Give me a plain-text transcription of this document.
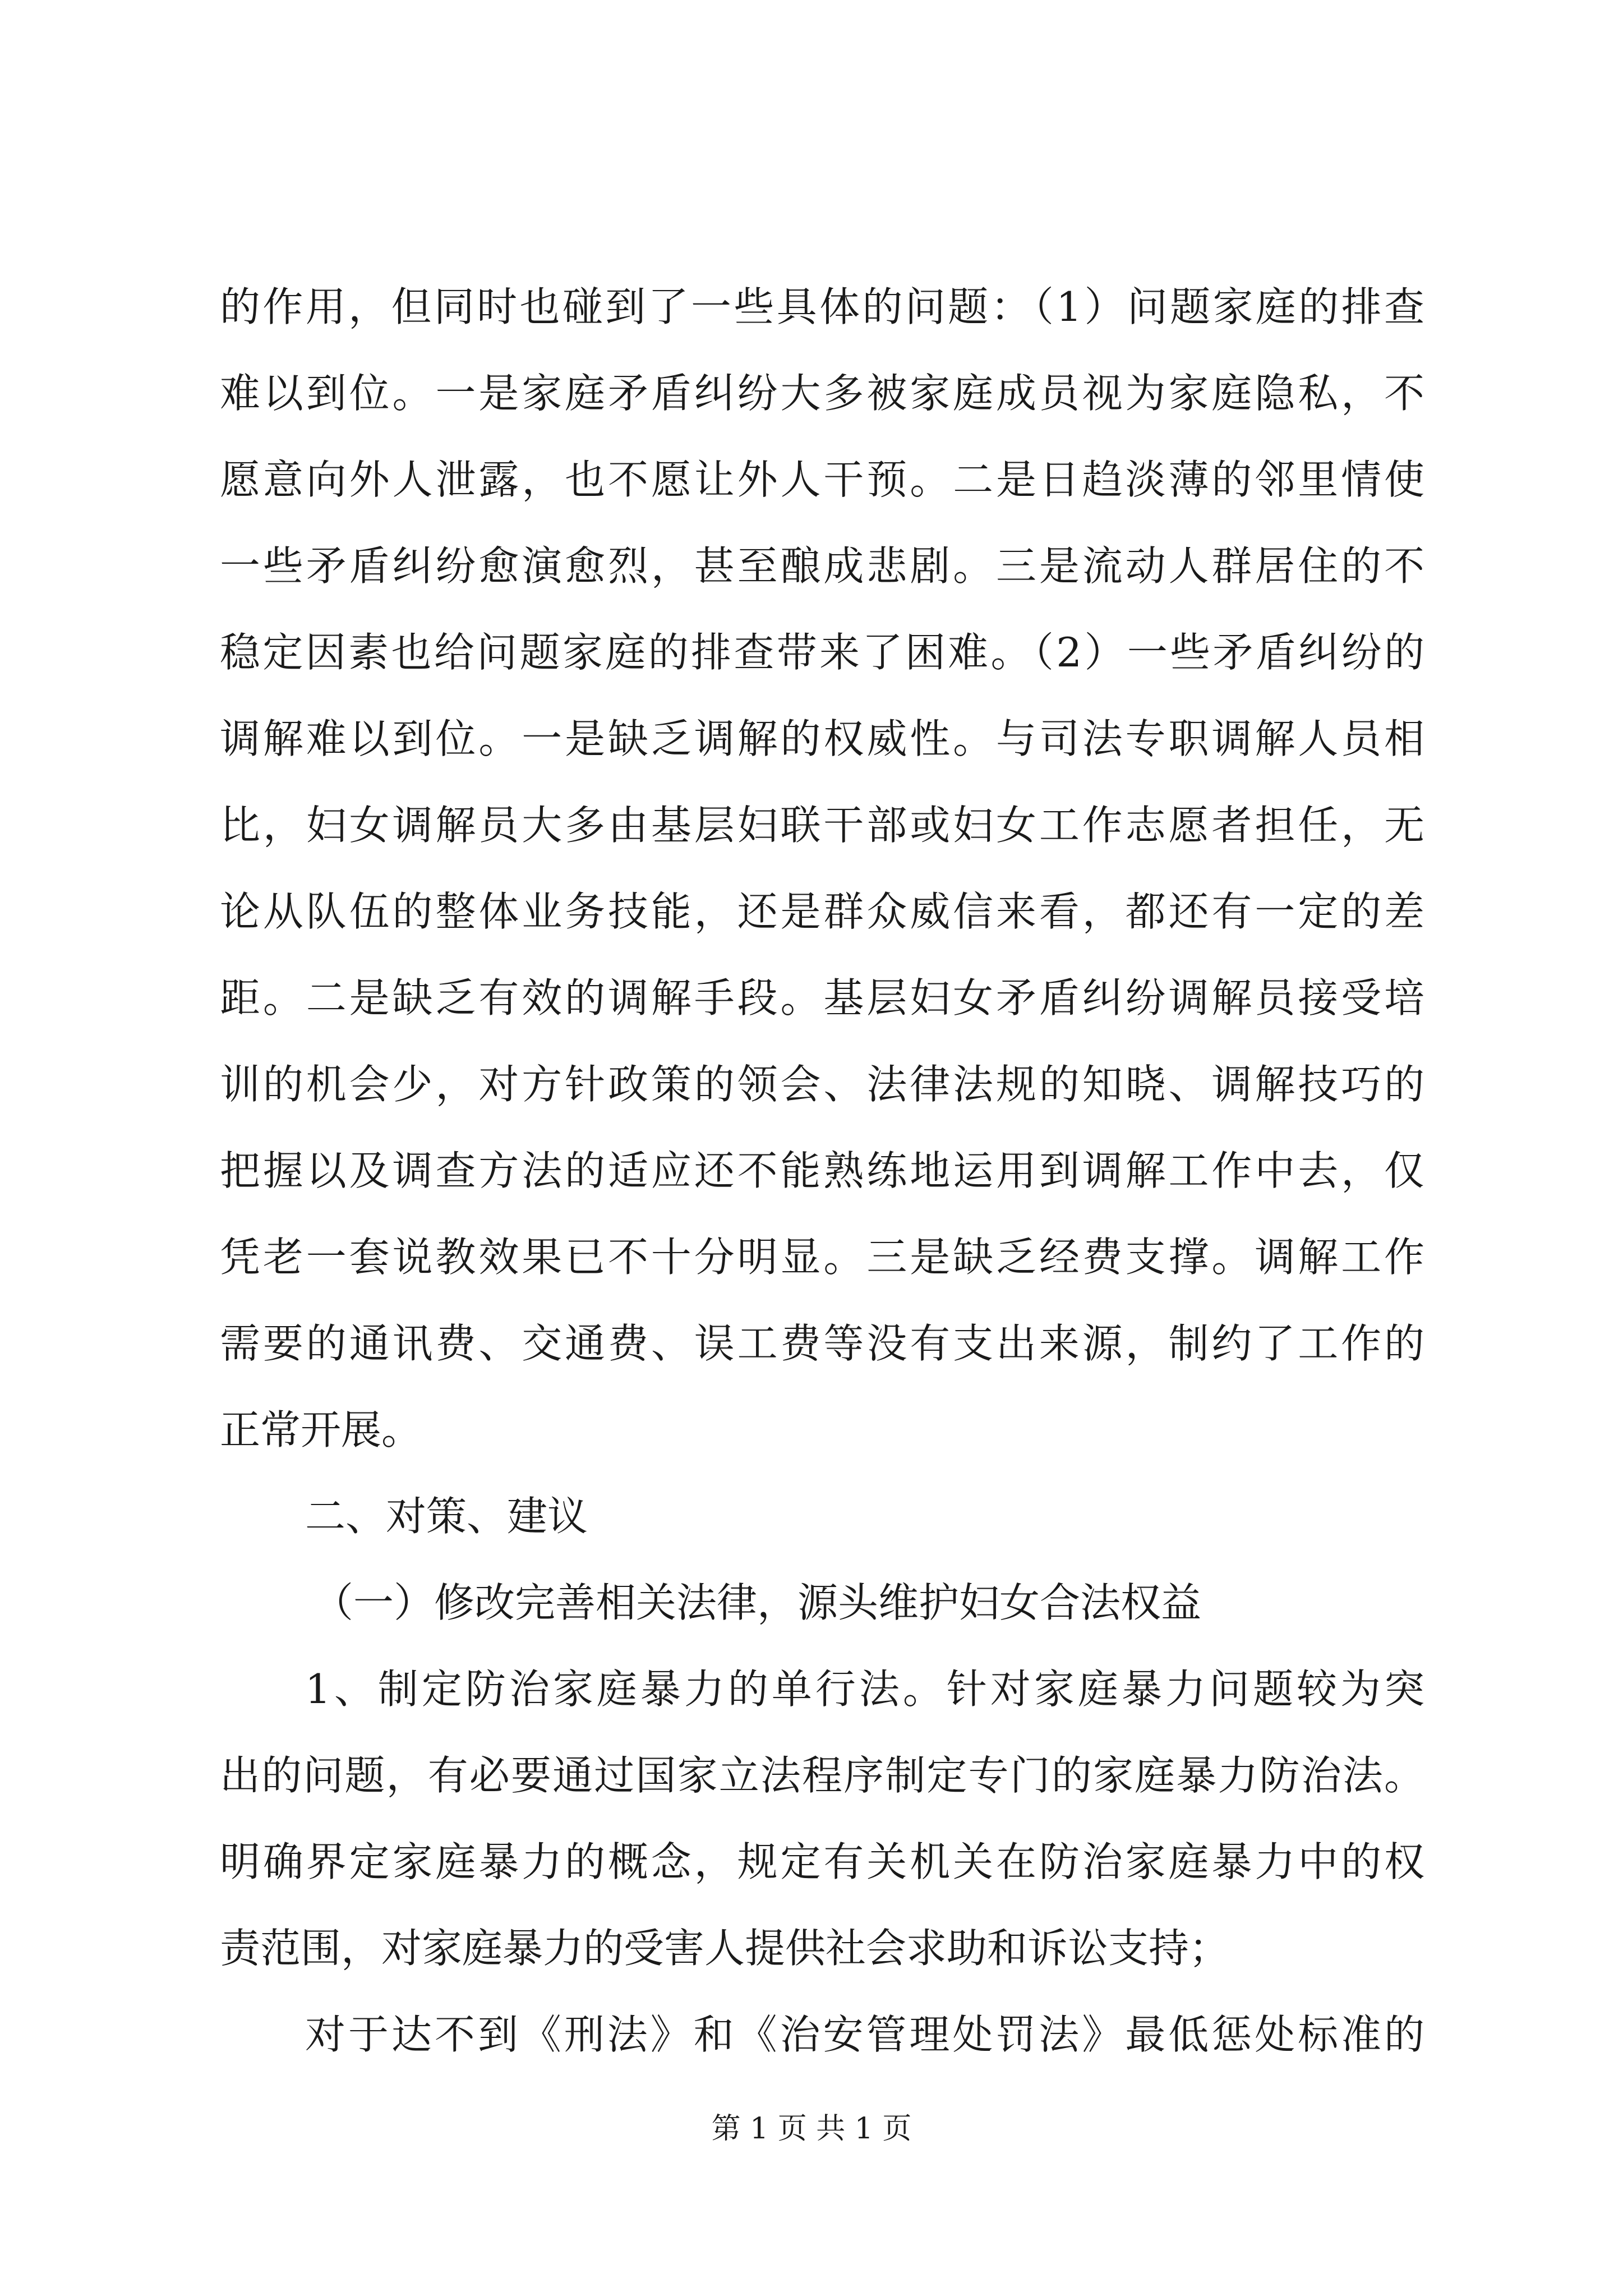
的作用，但同时也碰到了一些具体的问题：（1）问题家庭的排查
难以到位。一是家庭矛盾纠纷大多被家庭成员视为家庭隐私，不
愿意向外人泄露，也不愿让外人干预。二是日趋淡薄的邻里情使
一些矛盾纠纷愈演愈烈，甚至酿成悲剧。三是流动人群居住的不
稳定因素也给问题家庭的排查带来了困难。（2）一些矛盾纠纷的
调解难以到位。一是缺乏调解的权威性。与司法专职调解人员相
比，妇女调解员大多由基层妇联干部或妇女工作志愿者担任，无
论从队伍的整体业务技能，还是群众威信来看，都还有一定的差
距。二是缺乏有效的调解手段。基层妇女矛盾纠纷调解员接受培
训的机会少，对方针政策的领会、法律法规的知晓、调解技巧的
把握以及调查方法的适应还不能熟练地运用到调解工作中去，仅
凭老一套说教效果已不十分明显。三是缺乏经费支撑。调解工作
需要的通讯费、交通费、误工费等没有支出来源，制约了工作的
正常开展。
二、对策、建议
（一）修改完善相关法律，源头维护妇女合法权益
1、制定防治家庭暴力的单行法。针对家庭暴力问题较为突
出的问题，有必要通过国家立法程序制定专门的家庭暴力防治法。
明确界定家庭暴力的概念，规定有关机关在防治家庭暴力中的权
责范围，对家庭暴力的受害人提供社会求助和诉讼支持；
对于达不到《刑法》和《治安管理处罚法》最低惩处标准的
第 1 页 共 1 页
